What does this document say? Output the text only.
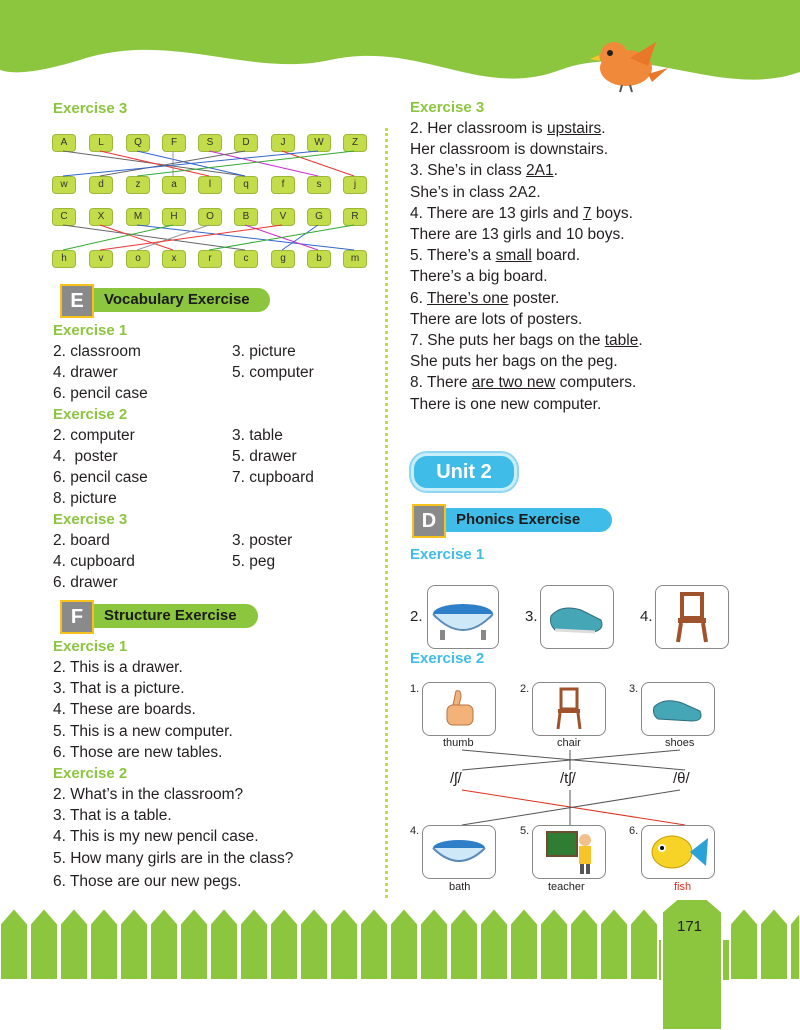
Exercise 3
A	L	Q	F	S	D	J	W	Z
w	d	z	a	l	q	f	s	j
C	X	M	H	O	B	V	G	R
h	v	o	x	r	c	g	b	m
Vocabulary Exercise
E
Exercise 1
2. classroom	3. picture
4. drawer	5. computer
6. pencil case
Exercise 2
2. computer	3. table
4.  poster	5. drawer
6. pencil case	7. cupboard
8. picture
Exercise 3
2. board	3. poster
4. cupboard	5. peg
6. drawer
Structure Exercise
F
Exercise 1
2. This is a drawer.
3. That is a picture.
4. These are boards.
5. This is a new computer.
6. Those are new tables.
Exercise 2
2. What’s in the classroom?
3. That is a table.
4. This is my new pencil case.
5. How many girls are in the class?
6. Those are our new pegs.
Exercise 3
2. Her classroom is upstairs.
Her classroom is downstairs.
3. She’s in class 2A1.
She’s in class 2A2.
4. There are 13 girls and 7 boys.
There are 13 girls and 10 boys.
5. There’s a small board.
There’s a big board.
6. There’s one poster.
There are lots of posters.
7. She puts her bags on the table.
She puts her bags on the peg.
8. There are two new computers.
There is one new computer.
Unit 2
Phonics Exercise
D
Exercise 1
2.	3.	4.
Exercise 2
1.	2.	3.
thumb	chair	shoes
/ʃ/	/tʃ/	/θ/
4.	5.	6.
bath	teacher	fish
171
